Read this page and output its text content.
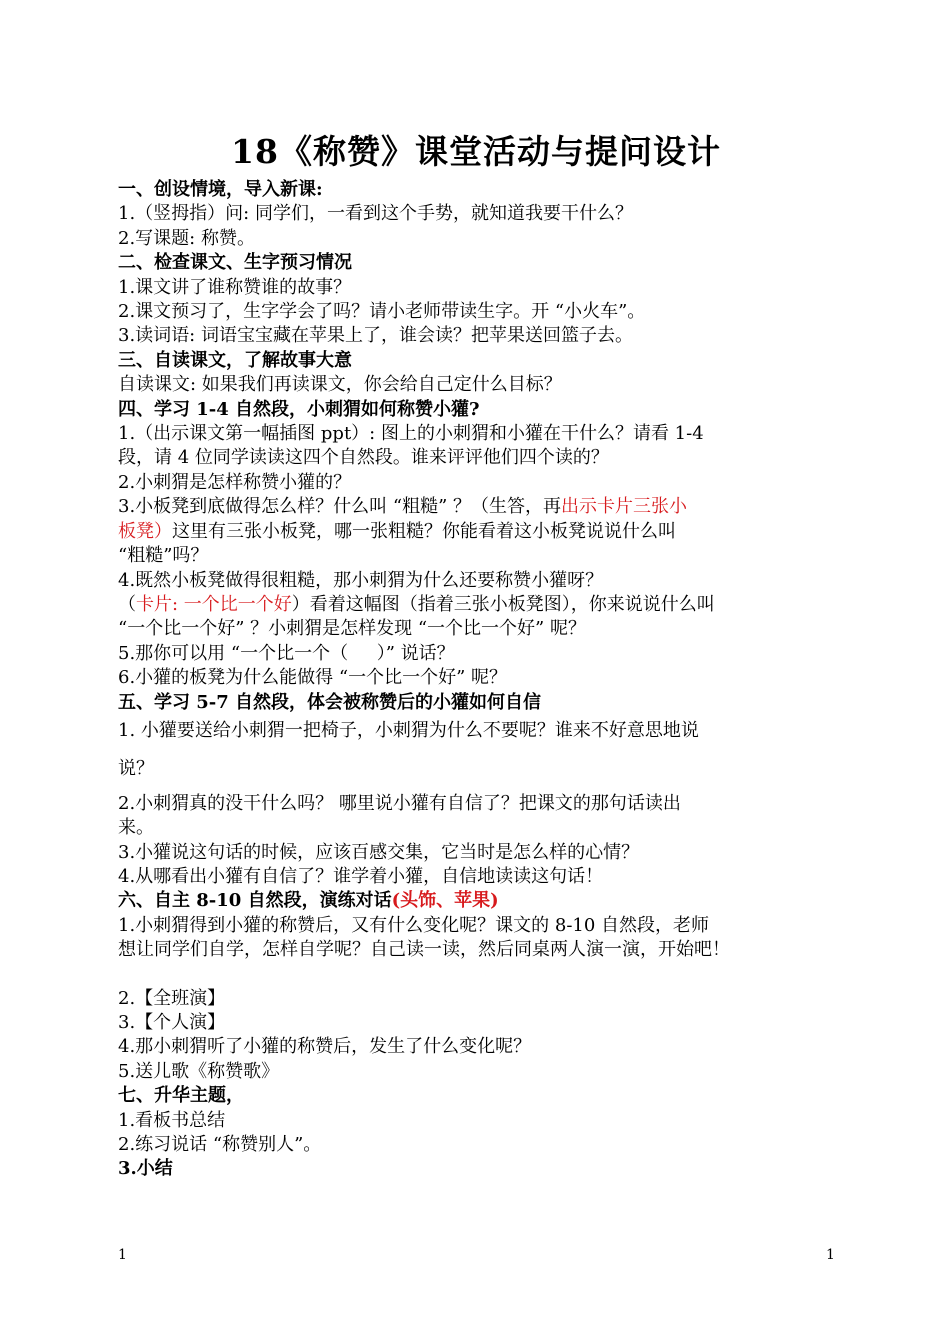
18《称赞》课堂活动与提问设计
一、创设情境，导入新课:
1.（竖拇指）问: 同学们，一看到这个手势，就知道我要干什么？
2.写课题: 称赞。
二、检查课文、生字预习情况
1.课文讲了谁称赞谁的故事？
2.课文预习了，生字学会了吗？请小老师带读生字。开 “小火车”。
3.读词语: 词语宝宝藏在苹果上了，谁会读？把苹果送回篮子去。
三、自读课文，了解故事大意
自读课文: 如果我们再读课文，你会给自己定什么目标？
四、学习 1-4 自然段，小刺猬如何称赞小獾?
1.（出示课文第一幅插图 ppt）: 图上的小刺猬和小獾在干什么？请看 1-4
段，请 4 位同学读读这四个自然段。谁来评评他们四个读的？
2.小刺猬是怎样称赞小獾的？
3.小板凳到底做得怎么样？什么叫 “粗糙” ？（生答，再出示卡片三张小
板凳）这里有三张小板凳，哪一张粗糙？你能看着这小板凳说说什么叫
“粗糙”吗？
4.既然小板凳做得很粗糙，那小刺猬为什么还要称赞小獾呀？
（卡片: 一个比一个好）看着这幅图（指着三张小板凳图），你来说说什么叫
“一个比一个好” ？小刺猬是怎样发现 “一个比一个好” 呢？
5.那你可以用 “一个比一个（     ）” 说话？
6.小獾的板凳为什么能做得 “一个比一个好” 呢？
五、学习 5-7 自然段，体会被称赞后的小獾如何自信
1. 小獾要送给小刺猬一把椅子，小刺猬为什么不要呢？谁来不好意思地说
说？
2.小刺猬真的没干什么吗？ 哪里说小獾有自信了？把课文的那句话读出
来。
3.小獾说这句话的时候，应该百感交集，它当时是怎么样的心情？
4.从哪看出小獾有自信了？谁学着小獾，自信地读读这句话！
六、自主 8-10 自然段，演练对话(头饰、苹果)
1.小刺猬得到小獾的称赞后，又有什么变化呢？课文的 8-10 自然段，老师
想让同学们自学，怎样自学呢？自己读一读，然后同桌两人演一演，开始吧！
2.【全班演】
3.【个人演】
4.那小刺猬听了小獾的称赞后，发生了什么变化呢？
5.送儿歌《称赞歌》
七、升华主题，
1.看板书总结
2.练习说话 “称赞别人”。
3.小结
1	1
